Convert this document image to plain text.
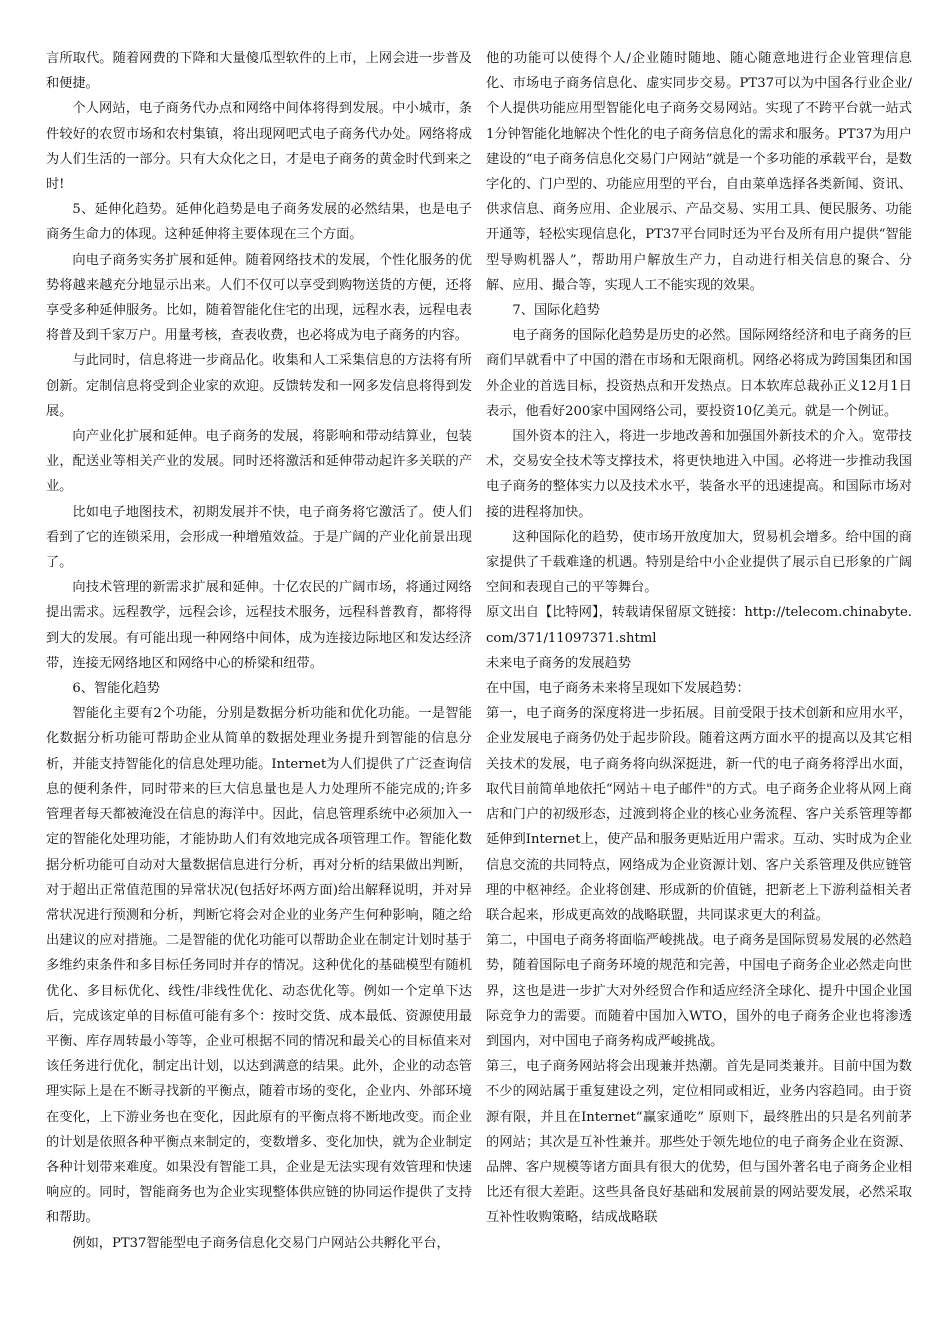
言所取代。随着网费的下降和大量傻瓜型软件的上市，上网会进一步普及和便捷。

个人网站，电子商务代办点和网络中间体将得到发展。中小城市，条件较好的农贸市场和农村集镇，将出现网吧式电子商务代办处。网络将成为人们生活的一部分。只有大众化之日，才是电子商务的黄金时代到来之时!

5、延伸化趋势。延伸化趋势是电子商务发展的必然结果，也是电子商务生命力的体现。这种延伸将主要体现在三个方面。

向电子商务实务扩展和延伸。随着网络技术的发展，个性化服务的优势将越来越充分地显示出来。人们不仅可以享受到购物送货的方便，还将享受多种延伸服务。比如，随着智能化住宅的出现，远程水表，远程电表将普及到千家万户。用量考核，查表收费，也必将成为电子商务的内容。

与此同时，信息将进一步商品化。收集和人工采集信息的方法将有所创新。定制信息将受到企业家的欢迎。反馈转发和一网多发信息将得到发展。

向产业化扩展和延伸。电子商务的发展，将影响和带动结算业，包装业，配送业等相关产业的发展。同时还将激活和延伸带动起许多关联的产业。

比如电子地图技术，初期发展并不快，电子商务将它激活了。使人们看到了它的连锁采用，会形成一种增殖效益。于是广阔的产业化前景出现了。

向技术管理的新需求扩展和延伸。十亿农民的广阔市场，将通过网络提出需求。远程教学，远程会诊，远程技术服务，远程科普教育，都将得到大的发展。有可能出现一种网络中间体，成为连接边际地区和发达经济带，连接无网络地区和网络中心的桥梁和纽带。

6、智能化趋势

智能化主要有2个功能，分别是数据分析功能和优化功能。一是智能化数据分析功能可帮助企业从简单的数据处理业务提升到智能的信息分析，并能支持智能化的信息处理功能。Internet为人们提供了广泛查询信息的便利条件，同时带来的巨大信息量也是人力处理所不能完成的;许多管理者每天都被淹没在信息的海洋中。因此，信息管理系统中必须加入一定的智能化处理功能，才能协助人们有效地完成各项管理工作。智能化数据分析功能可自动对大量数据信息进行分析，再对分析的结果做出判断，对于超出正常值范围的异常状况(包括好坏两方面)给出解释说明，并对异常状况进行预测和分析，判断它将会对企业的业务产生何种影响，随之给出建议的应对措施。二是智能的优化功能可以帮助企业在制定计划时基于多维约束条件和多目标任务同时并存的情况。这种优化的基础模型有随机优化、多目标优化、线性/非线性优化、动态优化等。例如一个定单下达后，完成该定单的目标值可能有多个：按时交货、成本最低、资源使用最平衡、库存周转最小等等，企业可根据不同的情况和最关心的目标值来对该任务进行优化，制定出计划，以达到满意的结果。此外，企业的动态管理实际上是在不断寻找新的平衡点，随着市场的变化，企业内、外部环境在变化，上下游业务也在变化，因此原有的平衡点将不断地改变。而企业的计划是依照各种平衡点来制定的，变数增多、变化加快，就为企业制定各种计划带来难度。如果没有智能工具，企业是无法实现有效管理和快速响应的。同时，智能商务也为企业实现整体供应链的协同运作提供了支持和帮助。

例如，PT37智能型电子商务信息化交易门户网站公共孵化平台，

他的功能可以使得个人/企业随时随地、随心随意地进行企业管理信息化、市场电子商务信息化、虚实同步交易。PT37可以为中国各行业企业/个人提供功能应用型智能化电子商务交易网站。实现了不跨平台就一站式1分钟智能化地解决个性化的电子商务信息化的需求和服务。PT37为用户建设的“电子商务信息化交易门户网站”就是一个多功能的承载平台，是数字化的、门户型的、功能应用型的平台，自由菜单选择各类新闻、资讯、供求信息、商务应用、企业展示、产品交易、实用工具、便民服务、功能开通等，轻松实现信息化，PT37平台同时还为平台及所有用户提供“智能型导购机器人”，帮助用户解放生产力，自动进行相关信息的聚合、分解、应用、撮合等，实现人工不能实现的效果。

7、国际化趋势

电子商务的国际化趋势是历史的必然。国际网络经济和电子商务的巨商们早就看中了中国的潜在市场和无限商机。网络必将成为跨国集团和国外企业的首选目标，投资热点和开发热点。日本软库总裁孙正义12月1日表示，他看好200家中国网络公司，要投资10亿美元。就是一个例证。

国外资本的注入，将进一步地改善和加强国外新技术的介入。宽带技术，交易安全技术等支撑技术，将更快地进入中国。必将进一步推动我国电子商务的整体实力以及技术水平，装备水平的迅速提高。和国际市场对接的进程将加快。

这种国际化的趋势，使市场开放度加大，贸易机会增多。给中国的商家提供了千载难逢的机遇。特别是给中小企业提供了展示自已形象的广阔空间和表现自己的平等舞台。

原文出自【比特网】，转载请保留原文链接：http://telecom.chinabyte.com/371/11097371.shtml

未来电子商务的发展趋势

在中国，电子商务未来将呈现如下发展趋势：

第一，电子商务的深度将进一步拓展。目前受限于技术创新和应用水平，企业发展电子商务仍处于起步阶段。随着这两方面水平的提高以及其它相关技术的发展，电子商务将向纵深挺进，新一代的电子商务将浮出水面，取代目前简单地依托“网站＋电子邮件"的方式。电子商务企业将从网上商店和门户的初级形态，过渡到将企业的核心业务流程、客户关系管理等都延伸到Internet上，使产品和服务更贴近用户需求。互动、实时成为企业信息交流的共同特点，网络成为企业资源计划、客户关系管理及供应链管理的中枢神经。企业将创建、形成新的价值链，把新老上下游利益相关者联合起来，形成更高效的战略联盟，共同谋求更大的利益。

第二，中国电子商务将面临严峻挑战。电子商务是国际贸易发展的必然趋势，随着国际电子商务环境的规范和完善，中国电子商务企业必然走向世界，这也是进一步扩大对外经贸合作和适应经济全球化、提升中国企业国际竞争力的需要。而随着中国加入WTO，国外的电子商务企业也将渗透到国内，对中国电子商务构成严峻挑战。

第三，电子商务网站将会出现兼并热潮。首先是同类兼并。目前中国为数不少的网站属于重复建设之列，定位相同或相近，业务内容趋同。由于资源有限，并且在Internet“赢家通吃” 原则下，最终胜出的只是名列前茅的网站；其次是互补性兼并。那些处于领先地位的电子商务企业在资源、品牌、客户规模等诸方面具有很大的优势，但与国外著名电子商务企业相比还有很大差距。这些具备良好基础和发展前景的网站要发展，必然采取互补性收购策略，结成战略联
